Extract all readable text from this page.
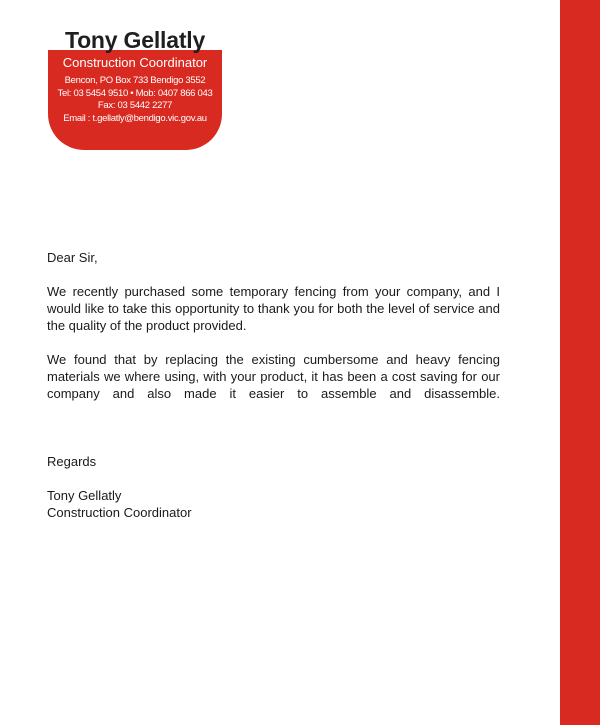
Tony Gellatly

Construction Coordinator

Bencon, PO Box 733 Bendigo 3552

Tel: 03 5454 9510 • Mob: 0407 866 043

Fax: 03 5442 2277

Email : t.gellatly@bendigo.vic.gov.au

Dear Sir,

We recently purchased some temporary fencing from your company, and I would like to take this opportunity to thank you for both the level of service and the quality of the product provided.

We found that by replacing the existing cumbersome and heavy fencing materials we where using, with your product, it has been a cost saving for our company and also made it easier to assemble and disassemble.

Regards

Tony Gellatly

Construction Coordinator
